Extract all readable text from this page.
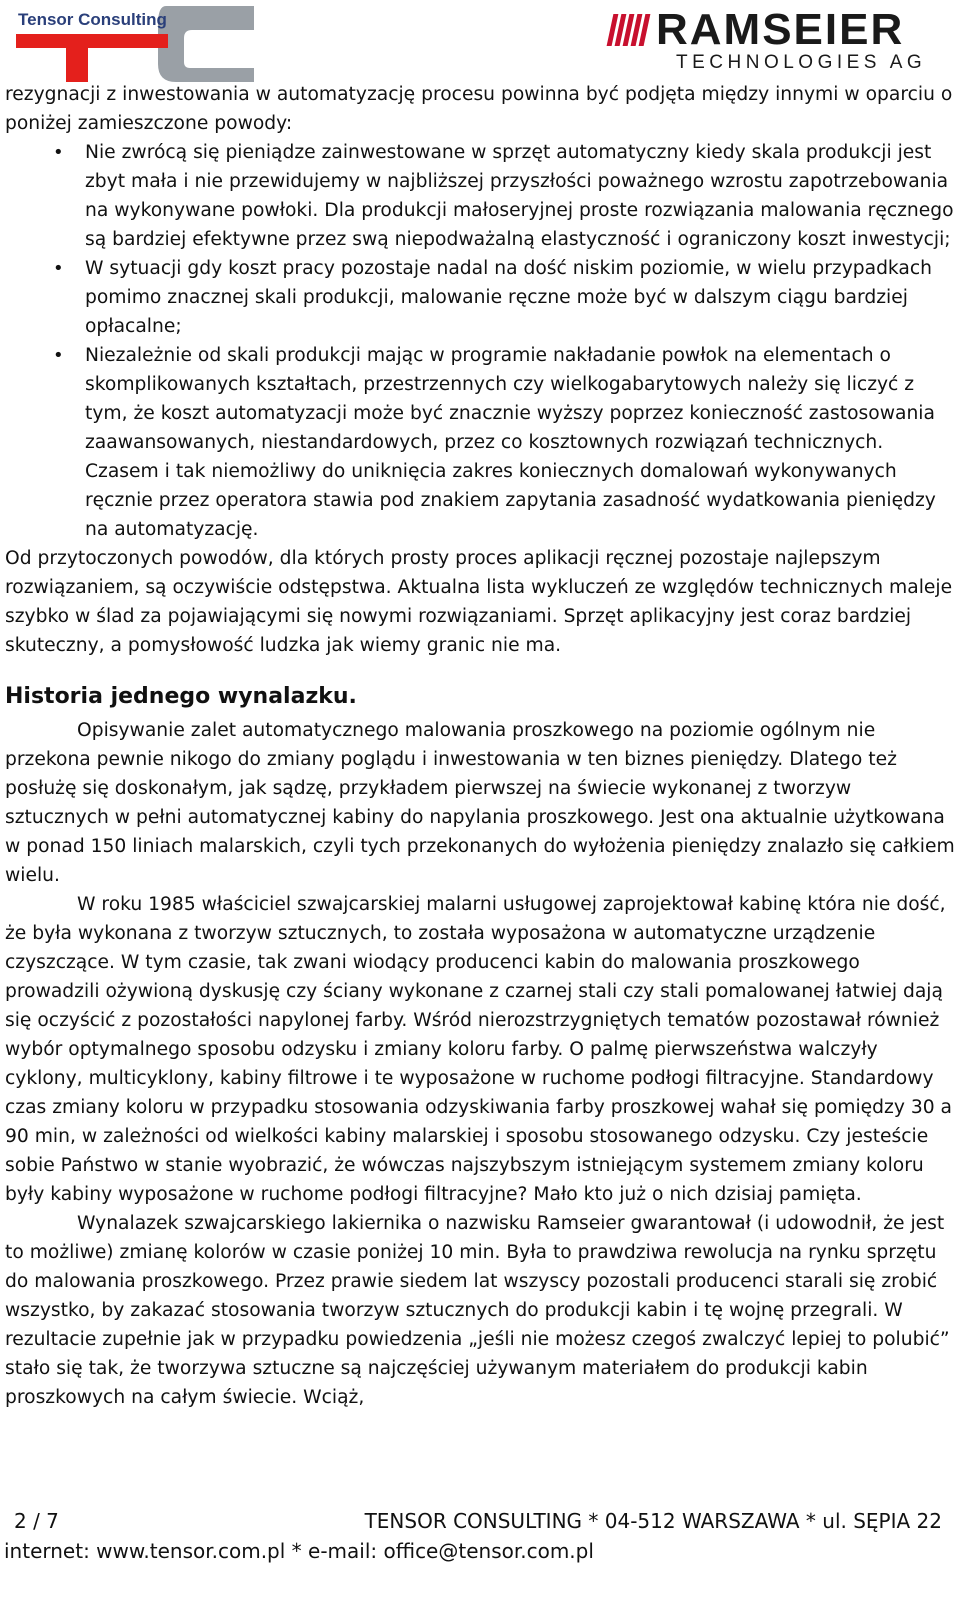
Tensor Consulting	RAMSEIER
TECHNOLOGIES AG

rezygnacji z inwestowania w automatyzację procesu powinna być podjęta między innymi w oparciu o poniżej zamieszczone powody:

• Nie zwrócą się pieniądze zainwestowane w sprzęt automatyczny kiedy skala produkcji jest zbyt mała i nie przewidujemy w najbliższej przyszłości poważnego wzrostu zapotrzebowania na wykonywane powłoki. Dla produkcji małoseryjnej proste rozwiązania malowania ręcznego są bardziej efektywne przez swą niepodważalną elastyczność i ograniczony koszt inwestycji;
• W sytuacji gdy koszt pracy pozostaje nadal na dość niskim poziomie, w wielu przypadkach pomimo znacznej skali produkcji, malowanie ręczne może być w dalszym ciągu bardziej opłacalne;
• Niezależnie od skali produkcji mając w programie nakładanie powłok na elementach o skomplikowanych kształtach, przestrzennych czy wielkogabarytowych należy się liczyć z tym, że koszt automatyzacji może być znacznie wyższy poprzez konieczność zastosowania zaawansowanych, niestandardowych, przez co kosztownych rozwiązań technicznych. Czasem i tak niemożliwy do uniknięcia zakres koniecznych domalowań wykonywanych ręcznie przez operatora stawia pod znakiem zapytania zasadność wydatkowania pieniędzy na automatyzację.

Od przytoczonych powodów, dla których prosty proces aplikacji ręcznej pozostaje najlepszym rozwiązaniem, są oczywiście odstępstwa. Aktualna lista wykluczeń ze względów technicznych maleje szybko w ślad za pojawiającymi się nowymi rozwiązaniami. Sprzęt aplikacyjny jest coraz bardziej skuteczny, a pomysłowość ludzka jak wiemy granic nie ma.

Historia jednego wynalazku.

Opisywanie zalet automatycznego malowania proszkowego na poziomie ogólnym nie przekona pewnie nikogo do zmiany poglądu i inwestowania w ten biznes pieniędzy. Dlatego też posłużę się doskonałym, jak sądzę, przykładem pierwszej na świecie wykonanej z tworzyw sztucznych w pełni automatycznej kabiny do napylania proszkowego. Jest ona aktualnie użytkowana w ponad 150 liniach malarskich, czyli tych przekonanych do wyłożenia pieniędzy znalazło się całkiem wielu.

W roku 1985 właściciel szwajcarskiej malarni usługowej zaprojektował kabinę która nie dość, że była wykonana z tworzyw sztucznych, to została wyposażona w automatyczne urządzenie czyszczące. W tym czasie, tak zwani wiodący producenci kabin do malowania proszkowego prowadzili ożywioną dyskusję czy ściany wykonane z czarnej stali czy stali pomalowanej łatwiej dają się oczyścić z pozostałości napylonej farby. Wśród nierozstrzygniętych tematów pozostawał również wybór optymalnego sposobu odzysku i zmiany koloru farby. O palmę pierwszeństwa walczyły cyklony, multicyklony, kabiny filtrowe i te wyposażone w ruchome podłogi filtracyjne. Standardowy czas zmiany koloru w przypadku stosowania odzyskiwania farby proszkowej wahał się pomiędzy 30 a 90 min, w zależności od wielkości kabiny malarskiej i sposobu stosowanego odzysku. Czy jesteście sobie Państwo w stanie wyobrazić, że wówczas najszybszym istniejącym systemem zmiany koloru były kabiny wyposażone w ruchome podłogi filtracyjne? Mało kto już o nich dzisiaj pamięta.

Wynalazek szwajcarskiego lakiernika o nazwisku Ramseier gwarantował (i udowodnił, że jest to możliwe) zmianę kolorów w czasie poniżej 10 min. Była to prawdziwa rewolucja na rynku sprzętu do malowania proszkowego. Przez prawie siedem lat wszyscy pozostali producenci starali się zrobić wszystko, by zakazać stosowania tworzyw sztucznych do produkcji kabin i tę wojnę przegrali. W rezultacie zupełnie jak w przypadku powiedzenia „jeśli nie możesz czegoś zwalczyć lepiej to polubić” stało się tak, że tworzywa sztuczne są najczęściej używanym materiałem do produkcji kabin proszkowych na całym świecie. Wciąż,

2 / 7	TENSOR CONSULTING * 04-512 WARSZAWA * ul. SĘPIA 22
internet: www.tensor.com.pl * e-mail: office@tensor.com.pl
